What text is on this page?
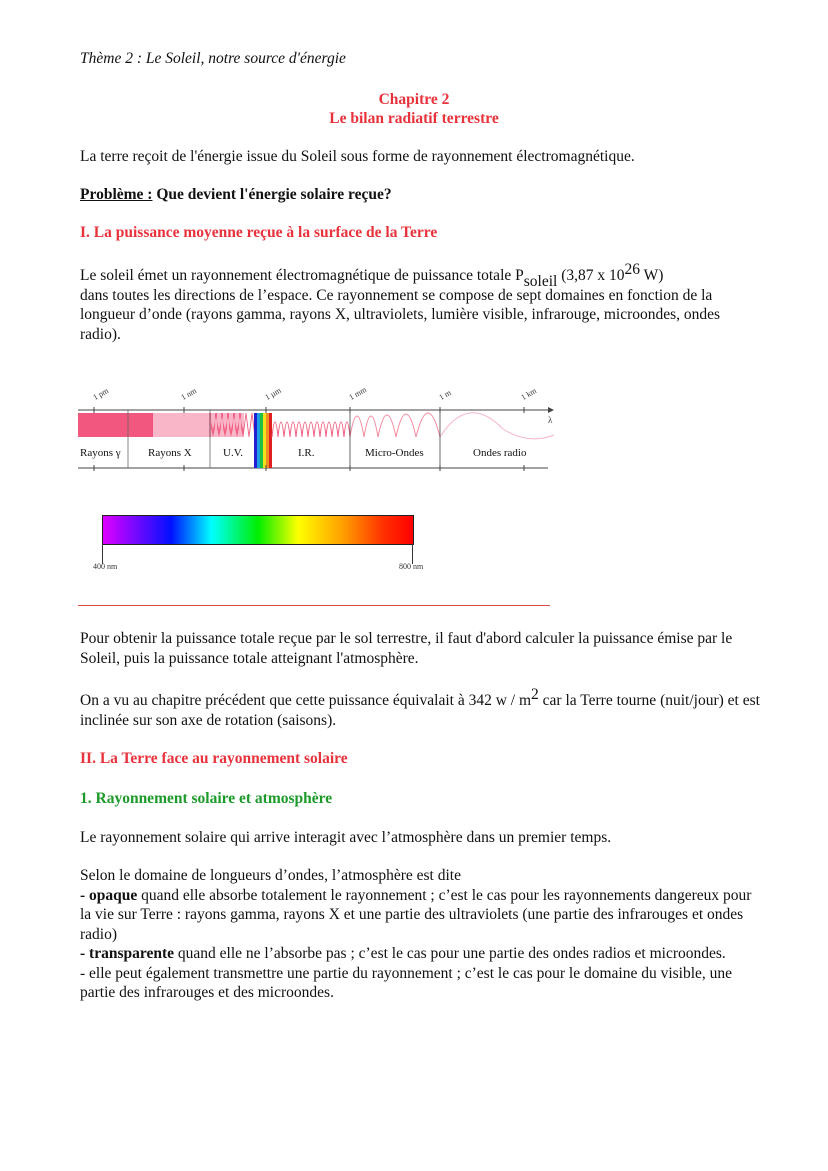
Thème 2 : Le Soleil, notre source d'énergie
Chapitre 2
Le bilan radiatif terrestre
La terre reçoit de l'énergie issue du Soleil sous forme de rayonnement électromagnétique.
Problème : Que devient l'énergie solaire reçue?
I. La puissance moyenne reçue à la surface de la Terre
Le soleil émet un rayonnement électromagnétique de puissance totale $P_{soleil}$ (3,87 x $10^{26}$ W)
dans toutes les directions de l’espace. Ce rayonnement se compose de sept domaines en fonction de la longueur d’onde (rayons gamma, rayons X, ultraviolets, lumière visible, infrarouge, microondes, ondes radio).
λ
1 pm	1 nm	1 µm	1 mm	1 m	1 km
Rayons γ Rayons X	U.V.	I.R.	Micro-Ondes	Ondes radio
400 nm	800 nm
Pour obtenir la puissance totale reçue par le sol terrestre, il faut d'abord calculer la puissance émise par le Soleil, puis la puissance totale atteignant l'atmosphère.
On a vu au chapitre précédent que cette puissance équivalait à 342 w / $m^2$ car la Terre tourne (nuit/jour) et est inclinée sur son axe de rotation (saisons).
II. La Terre face au rayonnement solaire
1. Rayonnement solaire et atmosphère
Le rayonnement solaire qui arrive interagit avec l’atmosphère dans un premier temps.
Selon le domaine de longueurs d’ondes, l’atmosphère est dite
- opaque quand elle absorbe totalement le rayonnement ; c’est le cas pour les rayonnements dangereux pour la vie sur Terre : rayons gamma, rayons X et une partie des ultraviolets (une partie des infrarouges et ondes radio)
- transparente quand elle ne l’absorbe pas ; c’est le cas pour une partie des ondes radios et microondes.
- elle peut également transmettre une partie du rayonnement ; c’est le cas pour le domaine du visible, une partie des infrarouges et des microondes.
